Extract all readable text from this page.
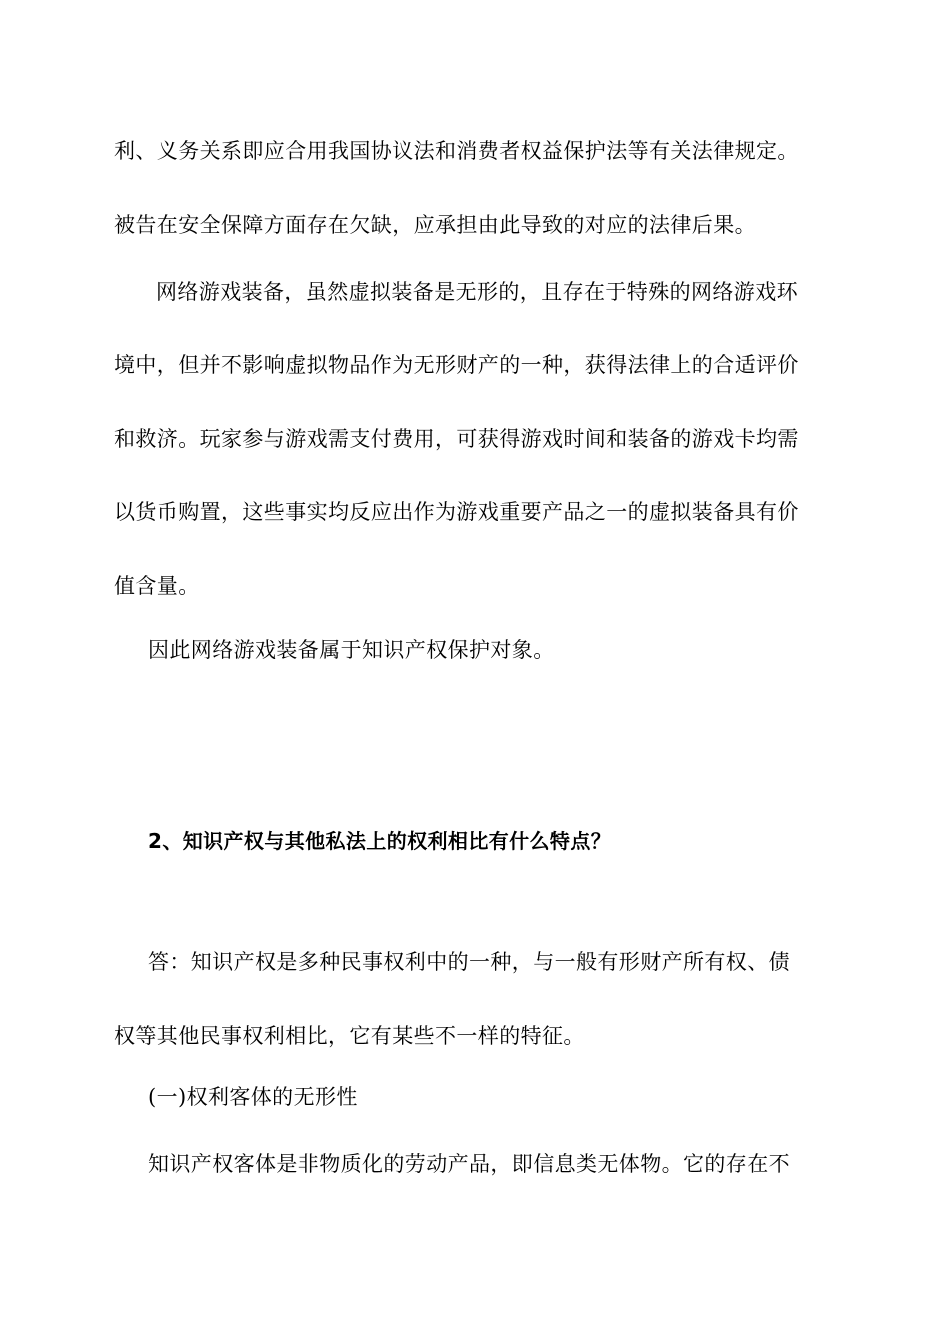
利、义务关系即应合用我国协议法和消费者权益保护法等有关法律规定。
被告在安全保障方面存在欠缺，应承担由此导致的对应的法律后果。
网络游戏装备，虽然虚拟装备是无形的，且存在于特殊的网络游戏环
境中，但并不影响虚拟物品作为无形财产的一种，获得法律上的合适评价
和救济。玩家参与游戏需支付费用，可获得游戏时间和装备的游戏卡均需
以货币购置，这些事实均反应出作为游戏重要产品之一的虚拟装备具有价
值含量。
因此网络游戏装备属于知识产权保护对象。
2、知识产权与其他私法上的权利相比有什么特点？
答：知识产权是多种民事权利中的一种，与一般有形财产所有权、债
权等其他民事权利相比，它有某些不一样的特征。
(一)权利客体的无形性
知识产权客体是非物质化的劳动产品，即信息类无体物。它的存在不
